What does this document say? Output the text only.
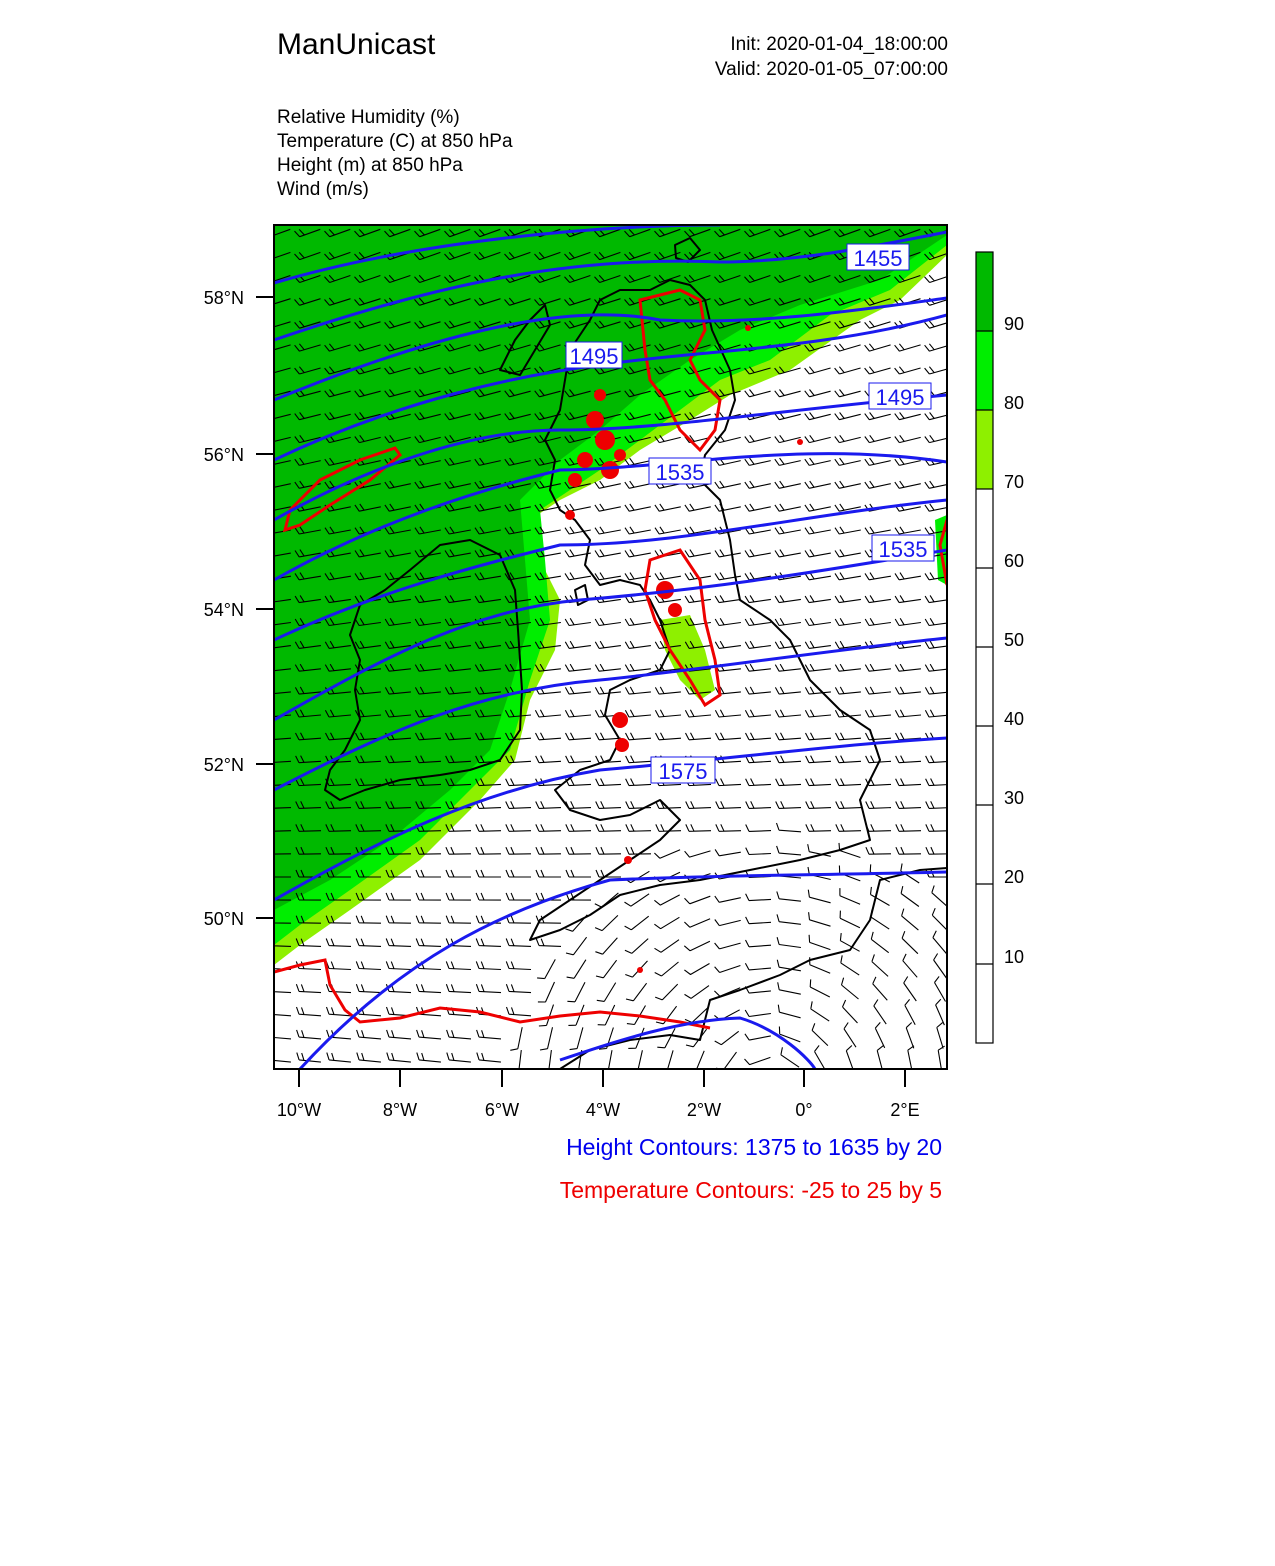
ManUnicast	Init: 2020-01-04_18:00:00
Valid: 2020-01-05_07:00:00
Relative Humidity (%)
Temperature (C) at 850 hPa
Height (m) at 850 hPa
Wind (m/s)
1455
1495
1495
1535
1535
1575
58°N
56°N
54°N
52°N
50°N
10°W	8°W	6°W	4°W	2°W	0°	2°E
90
80
70
60
50
40
30
20
10
Height Contours: 1375 to 1635 by 20
Temperature Contours: -25 to 25 by 5
